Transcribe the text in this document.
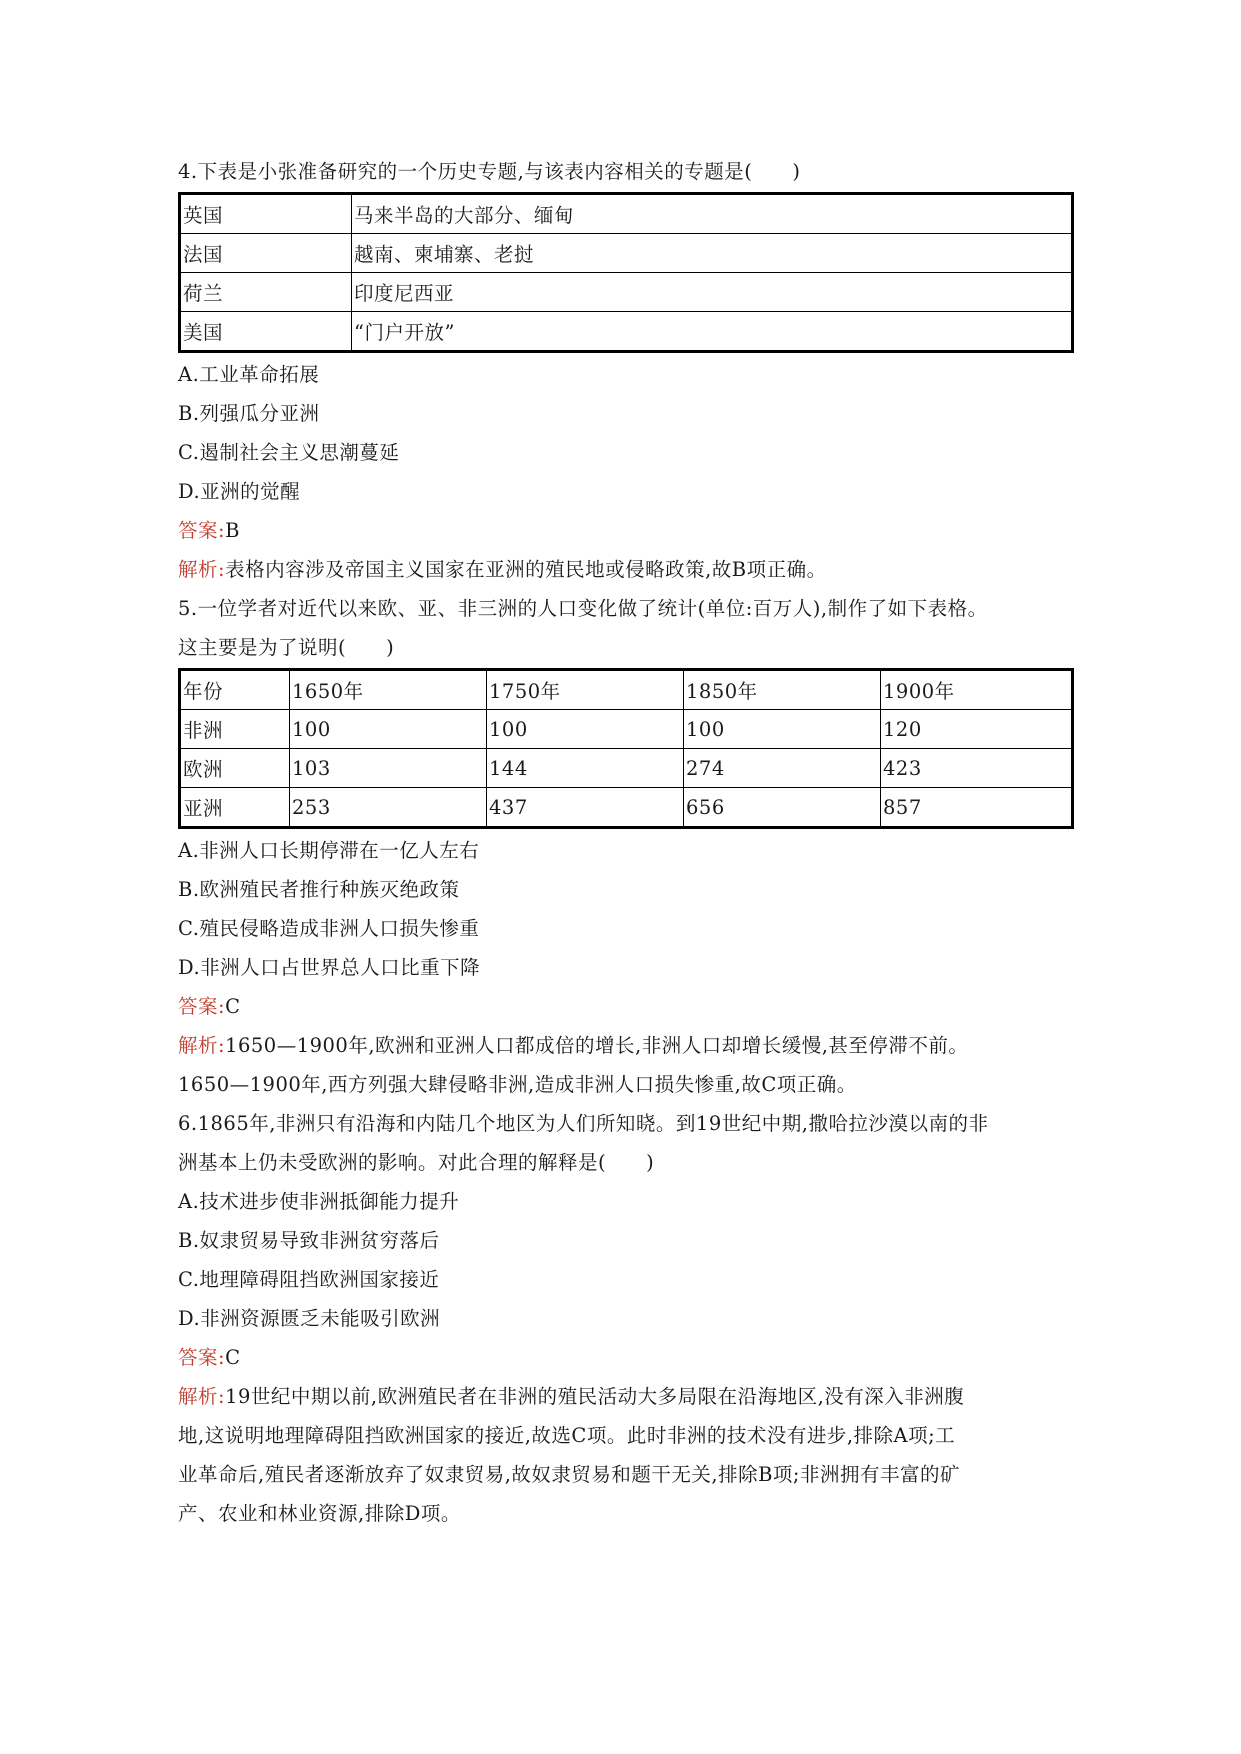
4.下表是小张准备研究的一个历史专题,与该表内容相关的专题是(　　)
英国	马来半岛的大部分、缅甸
法国	越南、柬埔寨、老挝
荷兰	印度尼西亚
美国	“门户开放”
A.工业革命拓展
B.列强瓜分亚洲
C.遏制社会主义思潮蔓延
D.亚洲的觉醒
答案:B
解析:表格内容涉及帝国主义国家在亚洲的殖民地或侵略政策,故B项正确。
5.一位学者对近代以来欧、亚、非三洲的人口变化做了统计(单位:百万人),制作了如下表格。
这主要是为了说明(　　)
年份	1650年	1750年	1850年	1900年
非洲	100	100	100	120
欧洲	103	144	274	423
亚洲	253	437	656	857
A.非洲人口长期停滞在一亿人左右
B.欧洲殖民者推行种族灭绝政策
C.殖民侵略造成非洲人口损失惨重
D.非洲人口占世界总人口比重下降
答案:C
解析:1650—1900年,欧洲和亚洲人口都成倍的增长,非洲人口却增长缓慢,甚至停滞不前。
1650—1900年,西方列强大肆侵略非洲,造成非洲人口损失惨重,故C项正确。
6.1865年,非洲只有沿海和内陆几个地区为人们所知晓。到19世纪中期,撒哈拉沙漠以南的非
洲基本上仍未受欧洲的影响。对此合理的解释是(　　)
A.技术进步使非洲抵御能力提升
B.奴隶贸易导致非洲贫穷落后
C.地理障碍阻挡欧洲国家接近
D.非洲资源匮乏未能吸引欧洲
答案:C
解析:19世纪中期以前,欧洲殖民者在非洲的殖民活动大多局限在沿海地区,没有深入非洲腹
地,这说明地理障碍阻挡欧洲国家的接近,故选C项。此时非洲的技术没有进步,排除A项;工
业革命后,殖民者逐渐放弃了奴隶贸易,故奴隶贸易和题干无关,排除B项;非洲拥有丰富的矿
产、农业和林业资源,排除D项。
